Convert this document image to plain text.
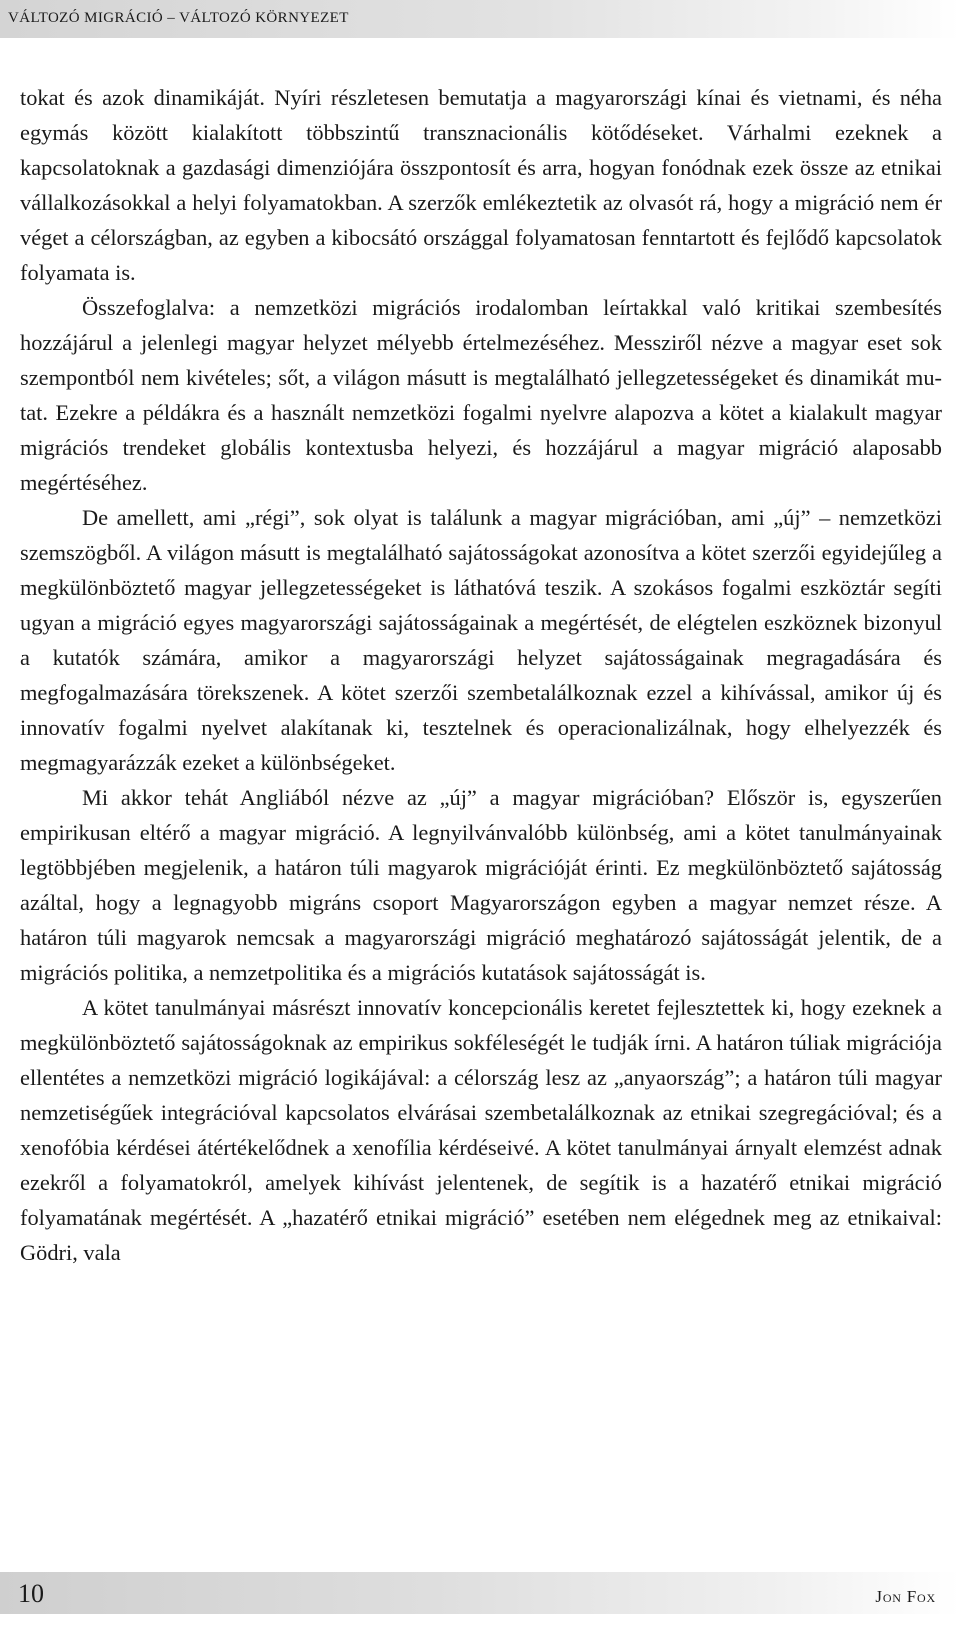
VÁLTOZÓ MIGRÁCIÓ – VÁLTOZÓ KÖRNYEZET

tokat és azok dinamikáját. Nyíri részletesen bemutatja a magyarországi kínai és vietnami, és néha egymás között kialakított többszintű transznacionális kötődéseket. Várhalmi ezeknek a kapcsolatoknak a gazdasági dimenziójára összpontosít és arra, hogyan fonódnak ezek össze az etnikai vállalkozásokkal a helyi folyamatokban. A szerzők emlékeztetik az olvasót rá, hogy a migráció nem ér véget a célországban, az egyben a kibocsátó országgal folyamatosan fenntartott és fejlődő kapcsolatok folyamata is.

Összefoglalva: a nemzetközi migrációs irodalomban leírtakkal való kritikai szembesítés hozzájárul a jelenlegi magyar helyzet mélyebb értelmezéséhez. Messziről nézve a magyar eset sok szempontból nem kivételes; sőt, a világon másutt is megtalálható jellegzetességeket és dinamikát mutat. Ezekre a példákra és a használt nemzetközi fogalmi nyelvre alapozva a kötet a kialakult magyar migrációs trendeket globális kontextusba helyezi, és hozzájárul a magyar migráció alaposabb megértéséhez.

De amellett, ami „régi”, sok olyat is találunk a magyar migrációban, ami „új” – nemzetközi szemszögből. A világon másutt is megtalálható sajátosságokat azonosítva a kötet szerzői egyidejűleg a megkülönböztető magyar jellegzetességeket is láthatóvá teszik. A szokásos fogalmi eszköztár segíti ugyan a migráció egyes magyarországi sajátosságainak a megértését, de elégtelen eszköznek bizonyul a kutatók számára, amikor a magyarországi helyzet sajátosságainak megragadására és megfogalmazására törekszenek. A kötet szerzői szembetalálkoznak ezzel a kihívással, amikor új és innovatív fogalmi nyelvet alakítanak ki, tesztelnek és operacionalizálnak, hogy elhelyezzék és megmagyarázzák ezeket a különbségeket.

Mi akkor tehát Angliából nézve az „új” a magyar migrációban? Először is, egyszerűen empirikusan eltérő a magyar migráció. A legnyilvánvalóbb különbség, ami a kötet tanulmányainak legtöbbjében megjelenik, a határon túli magyarok migrációját érinti. Ez megkülönböztető sajátosság azáltal, hogy a legnagyobb migráns csoport Magyarországon egyben a magyar nemzet része. A határon túli magyarok nemcsak a magyarországi migráció meghatározó sajátosságát jelentik, de a migrációs politika, a nemzetpolitika és a migrációs kutatások sajátosságát is.

A kötet tanulmányai másrészt innovatív koncepcionális keretet fejlesztettek ki, hogy ezeknek a megkülönböztető sajátosságoknak az empirikus sokféleségét le tudják írni. A határon túliak migrációja ellentétes a nemzetközi migráció logikájával: a célország lesz az „anyaország”; a határon túli magyar nemzetiségűek integrációval kapcsolatos elvárásai szembetalálkoznak az etnikai szegregációval; és a xenofóbia kérdései átértékelődnek a xenofília kérdéseivé. A kötet tanulmányai árnyalt elemzést adnak ezekről a folyamatokról, amelyek kihívást jelentenek, de segítik is a hazatérő etnikai migráció folyamatának megértését. A „hazatérő etnikai migráció” esetében nem elégednek meg az etnikaival: Gödri, vala

10	Jon Fox
